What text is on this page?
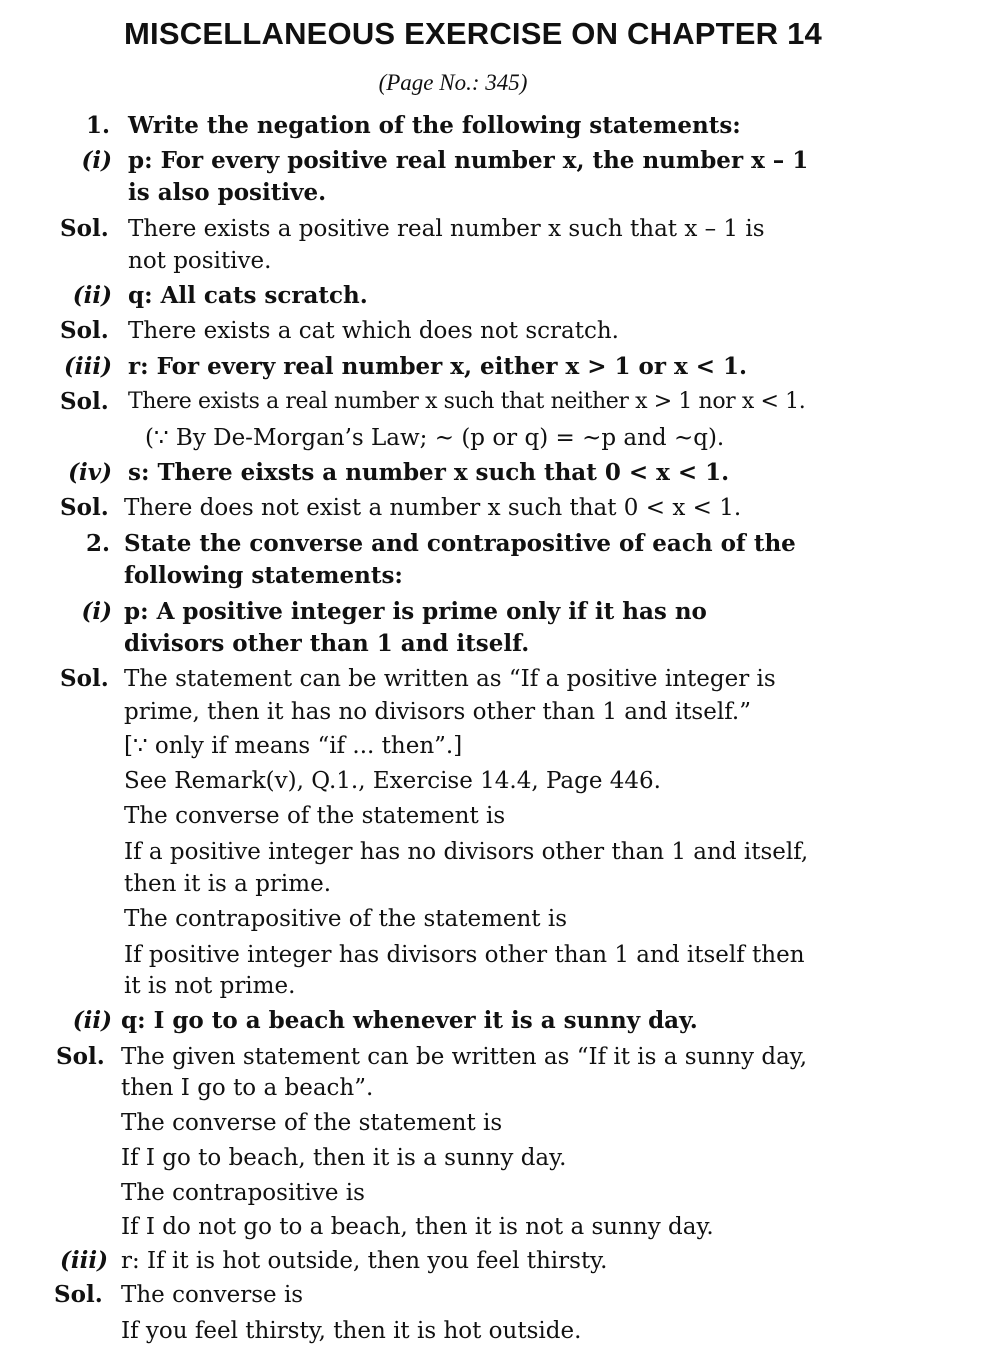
MISCELLANEOUS EXERCISE ON CHAPTER 14
(Page No.: 345)
1. Write the negation of the following statements:
(i) p: For every positive real number x, the number x – 1
is also positive.
Sol. There exists a positive real number x such that x – 1 is
not positive.
(ii) q: All cats scratch.
Sol. There exists a cat which does not scratch.
(iii) r: For every real number x, either x > 1 or x < 1.
Sol. There exists a real number x such that neither x > 1 nor x < 1.
(∵ By De-Morgan’s Law; ~ (p or q) = ~p and ~q).
(iv) s: There eixsts a number x such that 0 < x < 1.
Sol. There does not exist a number x such that 0 < x < 1.
2. State the converse and contrapositive of each of the
following statements:
(i) p: A positive integer is prime only if it has no
divisors other than 1 and itself.
Sol. The statement can be written as “If a positive integer is
prime, then it has no divisors other than 1 and itself.”
[∵ only if means “if ... then”.]
See Remark(v), Q.1., Exercise 14.4, Page 446.
The converse of the statement is
If a positive integer has no divisors other than 1 and itself,
then it is a prime.
The contrapositive of the statement is
If positive integer has divisors other than 1 and itself then
it is not prime.
(ii) q: I go to a beach whenever it is a sunny day.
Sol. The given statement can be written as “If it is a sunny day,
then I go to a beach”.
The converse of the statement is
If I go to beach, then it is a sunny day.
The contrapositive is
If I do not go to a beach, then it is not a sunny day.
(iii) r: If it is hot outside, then you feel thirsty.
Sol. The converse is
If you feel thirsty, then it is hot outside.
